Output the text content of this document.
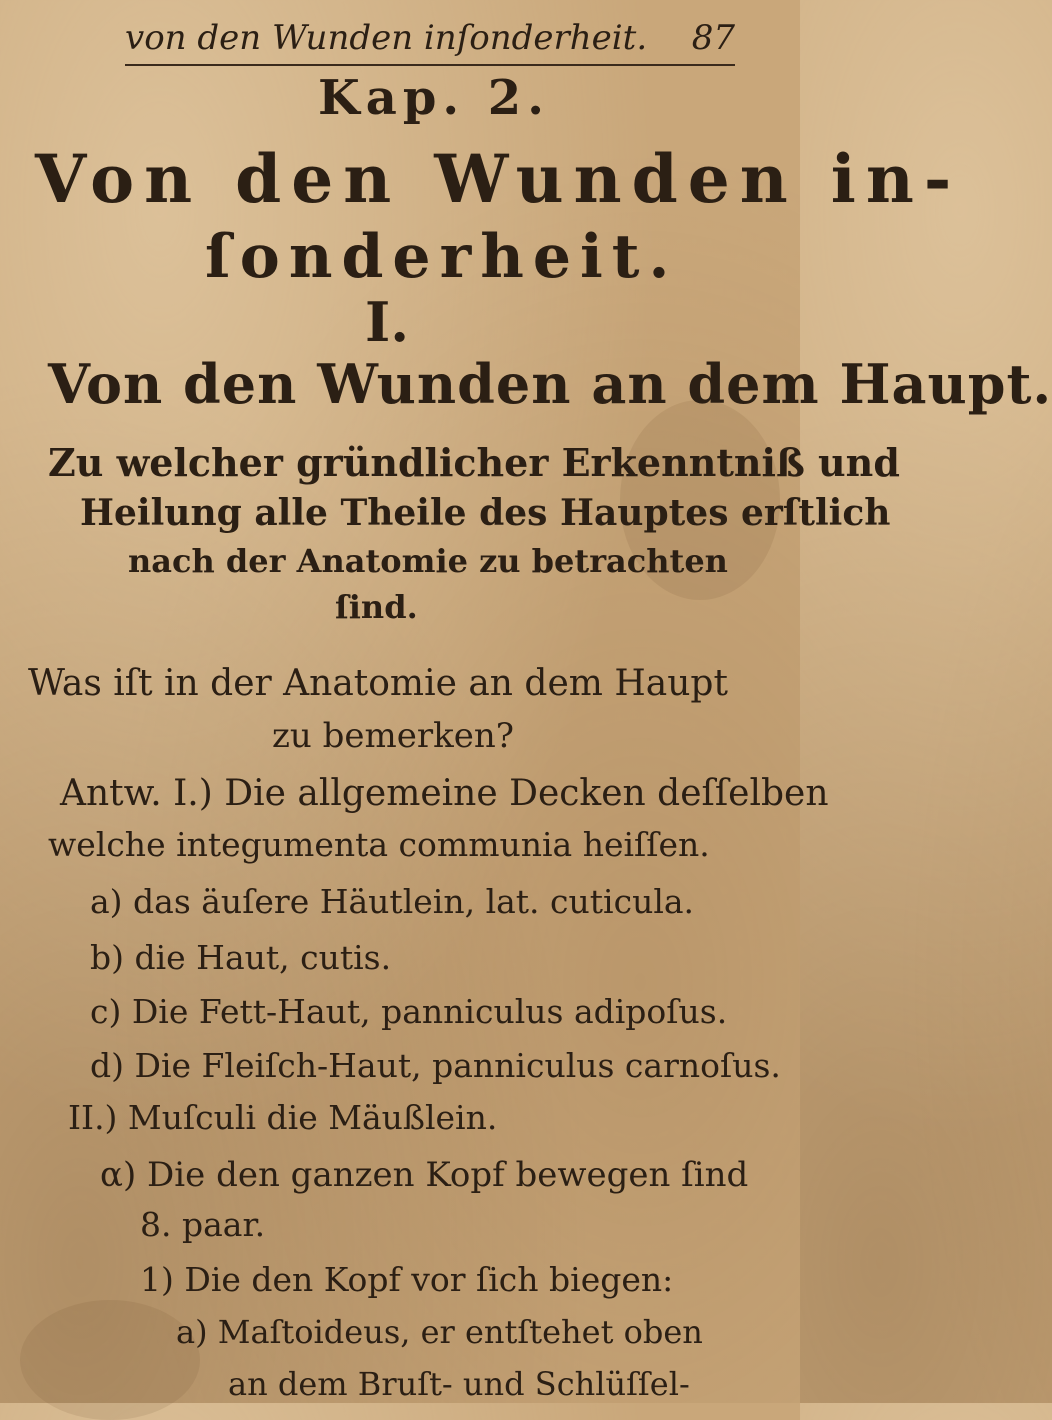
von den Wunden inſonderheit. 87
Kap. 2.
Von den Wunden in-
ſonderheit.
I.
Von den Wunden an dem Haupt.
Zu welcher gründlicher Erkenntniß und
Heilung alle Theile des Hauptes erſtlich
nach der Anatomie zu betrachten
ſind.
Was iſt in der Anatomie an dem Haupt
zu bemerken?
Antw. I.) Die allgemeine Decken deſſelben
welche integumenta communia heiſſen.
a) das äuſere Häutlein, lat. cuticula.
b) die Haut, cutis.
c) Die Fett-Haut, panniculus adipoſus.
d) Die Fleiſch-Haut, panniculus carnoſus.
II.) Muſculi die Mäußlein.
α) Die den ganzen Kopf bewegen ſind
8. paar.
1) Die den Kopf vor ſich biegen:
a) Maſtoideus, er entſtehet oben
an dem Bruſt- und Schlüſſel-
